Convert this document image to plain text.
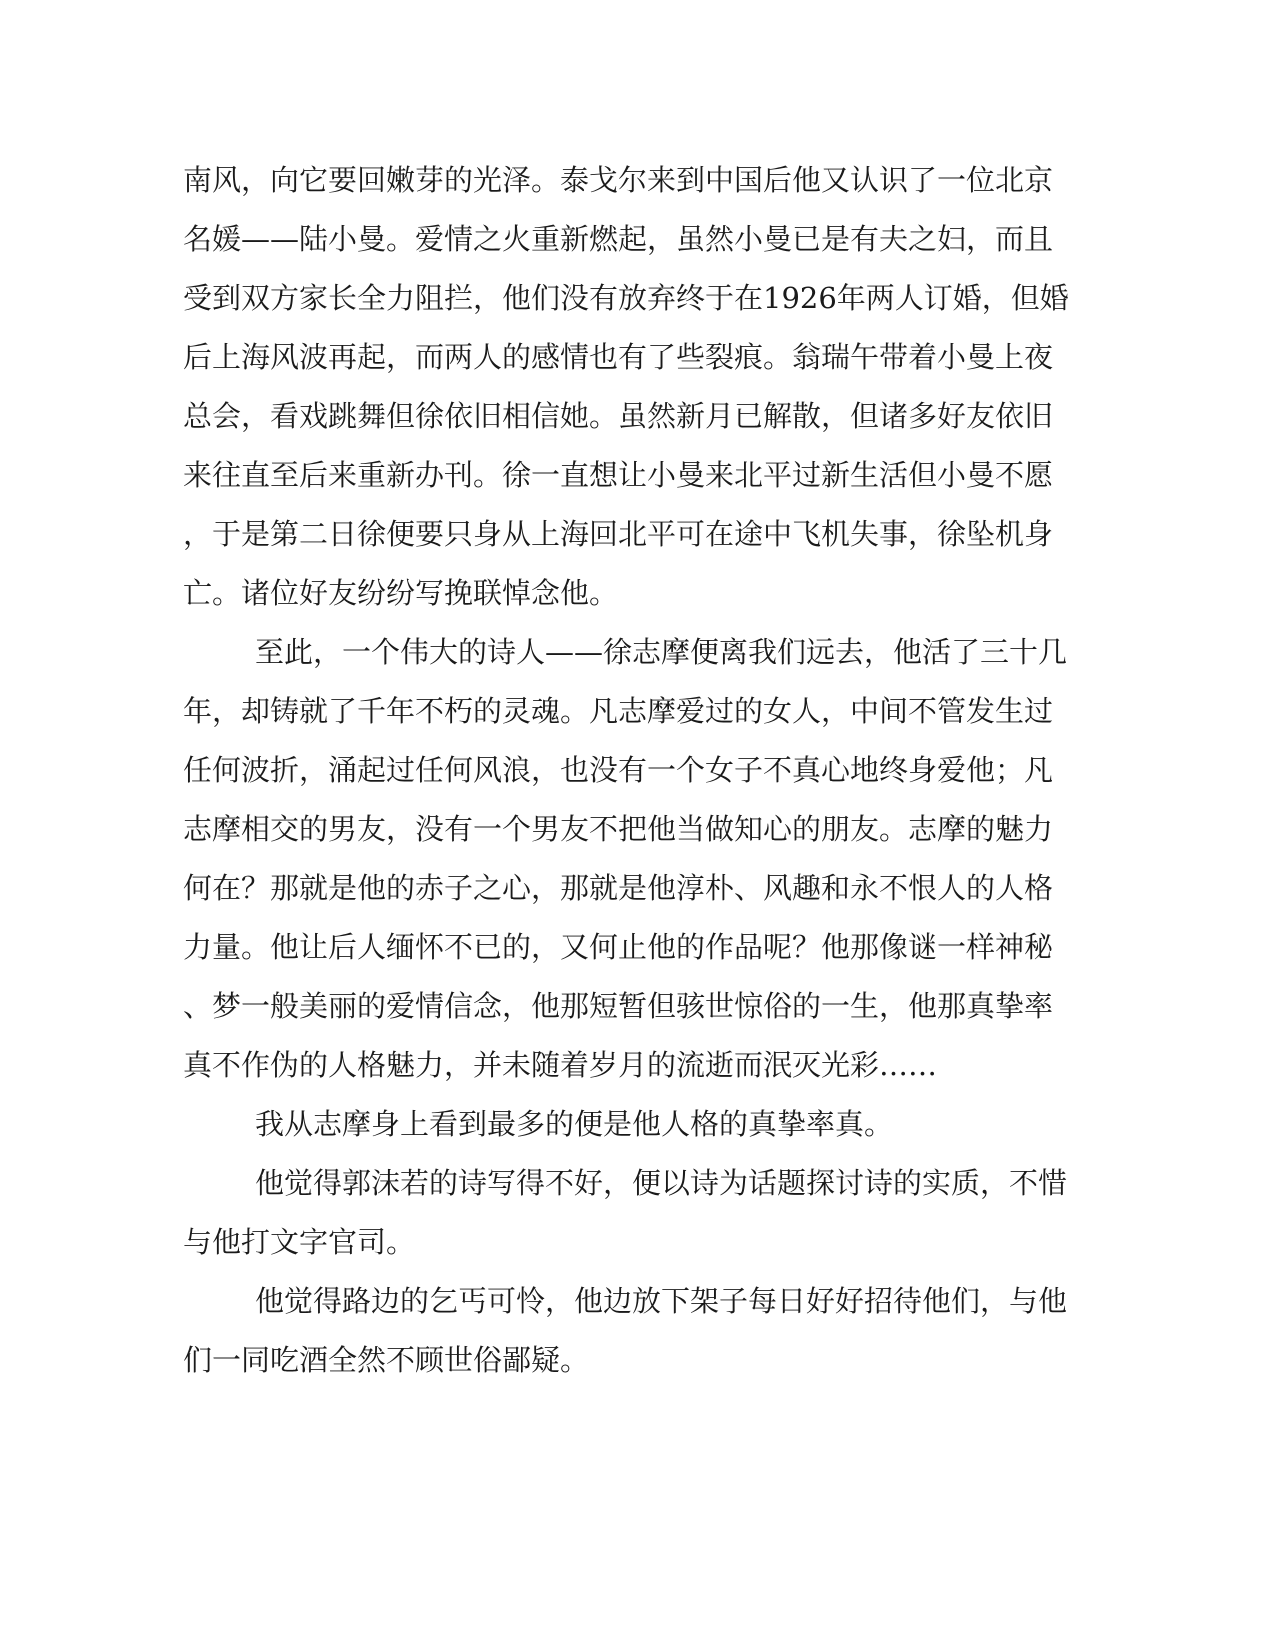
南风，向它要回嫩芽的光泽。泰戈尔来到中国后他又认识了一位北京
名媛——陆小曼。爱情之火重新燃起，虽然小曼已是有夫之妇，而且
受到双方家长全力阻拦，他们没有放弃终于在1926年两人订婚，但婚
后上海风波再起，而两人的感情也有了些裂痕。翁瑞午带着小曼上夜
总会，看戏跳舞但徐依旧相信她。虽然新月已解散，但诸多好友依旧
来往直至后来重新办刊。徐一直想让小曼来北平过新生活但小曼不愿
，于是第二日徐便要只身从上海回北平可在途中飞机失事，徐坠机身
亡。诸位好友纷纷写挽联悼念他。
至此，一个伟大的诗人——徐志摩便离我们远去，他活了三十几
年，却铸就了千年不朽的灵魂。凡志摩爱过的女人，中间不管发生过
任何波折，涌起过任何风浪，也没有一个女子不真心地终身爱他；凡
志摩相交的男友，没有一个男友不把他当做知心的朋友。志摩的魅力
何在？那就是他的赤子之心，那就是他淳朴、风趣和永不恨人的人格
力量。他让后人缅怀不已的，又何止他的作品呢？他那像谜一样神秘
、梦一般美丽的爱情信念，他那短暂但骇世惊俗的一生，他那真挚率
真不作伪的人格魅力，并未随着岁月的流逝而泯灭光彩……
我从志摩身上看到最多的便是他人格的真挚率真。
他觉得郭沫若的诗写得不好，便以诗为话题探讨诗的实质，不惜
与他打文字官司。
他觉得路边的乞丐可怜，他边放下架子每日好好招待他们，与他
们一同吃酒全然不顾世俗鄙疑。
